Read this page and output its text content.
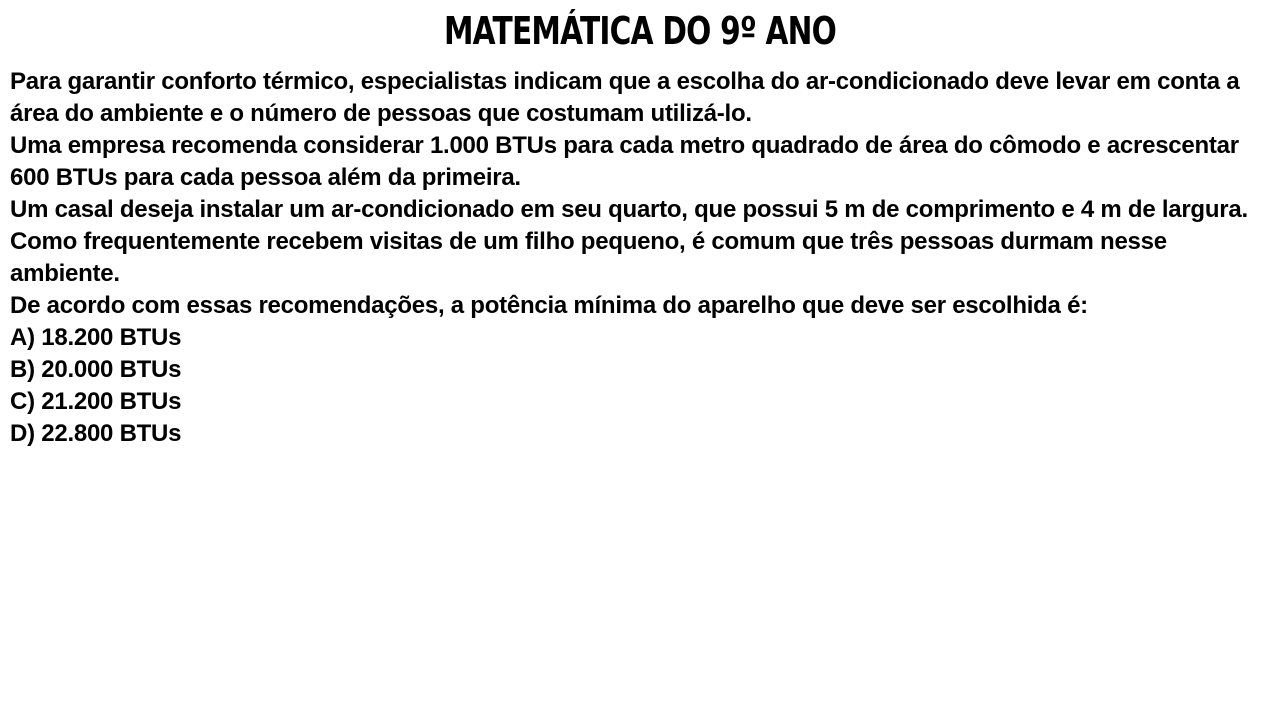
MATEMÁTICA DO 9º ANO

Para garantir conforto térmico, especialistas indicam que a escolha do ar-condicionado deve levar em conta a área do ambiente e o número de pessoas que costumam utilizá-lo.

Uma empresa recomenda considerar 1.000 BTUs para cada metro quadrado de área do cômodo e acrescentar 600 BTUs para cada pessoa além da primeira.

Um casal deseja instalar um ar-condicionado em seu quarto, que possui 5 m de comprimento e 4 m de largura. Como frequentemente recebem visitas de um filho pequeno, é comum que três pessoas durmam nesse ambiente.

De acordo com essas recomendações, a potência mínima do aparelho que deve ser escolhida é:

A) 18.200 BTUs
B) 20.000 BTUs
C) 21.200 BTUs
D) 22.800 BTUs
